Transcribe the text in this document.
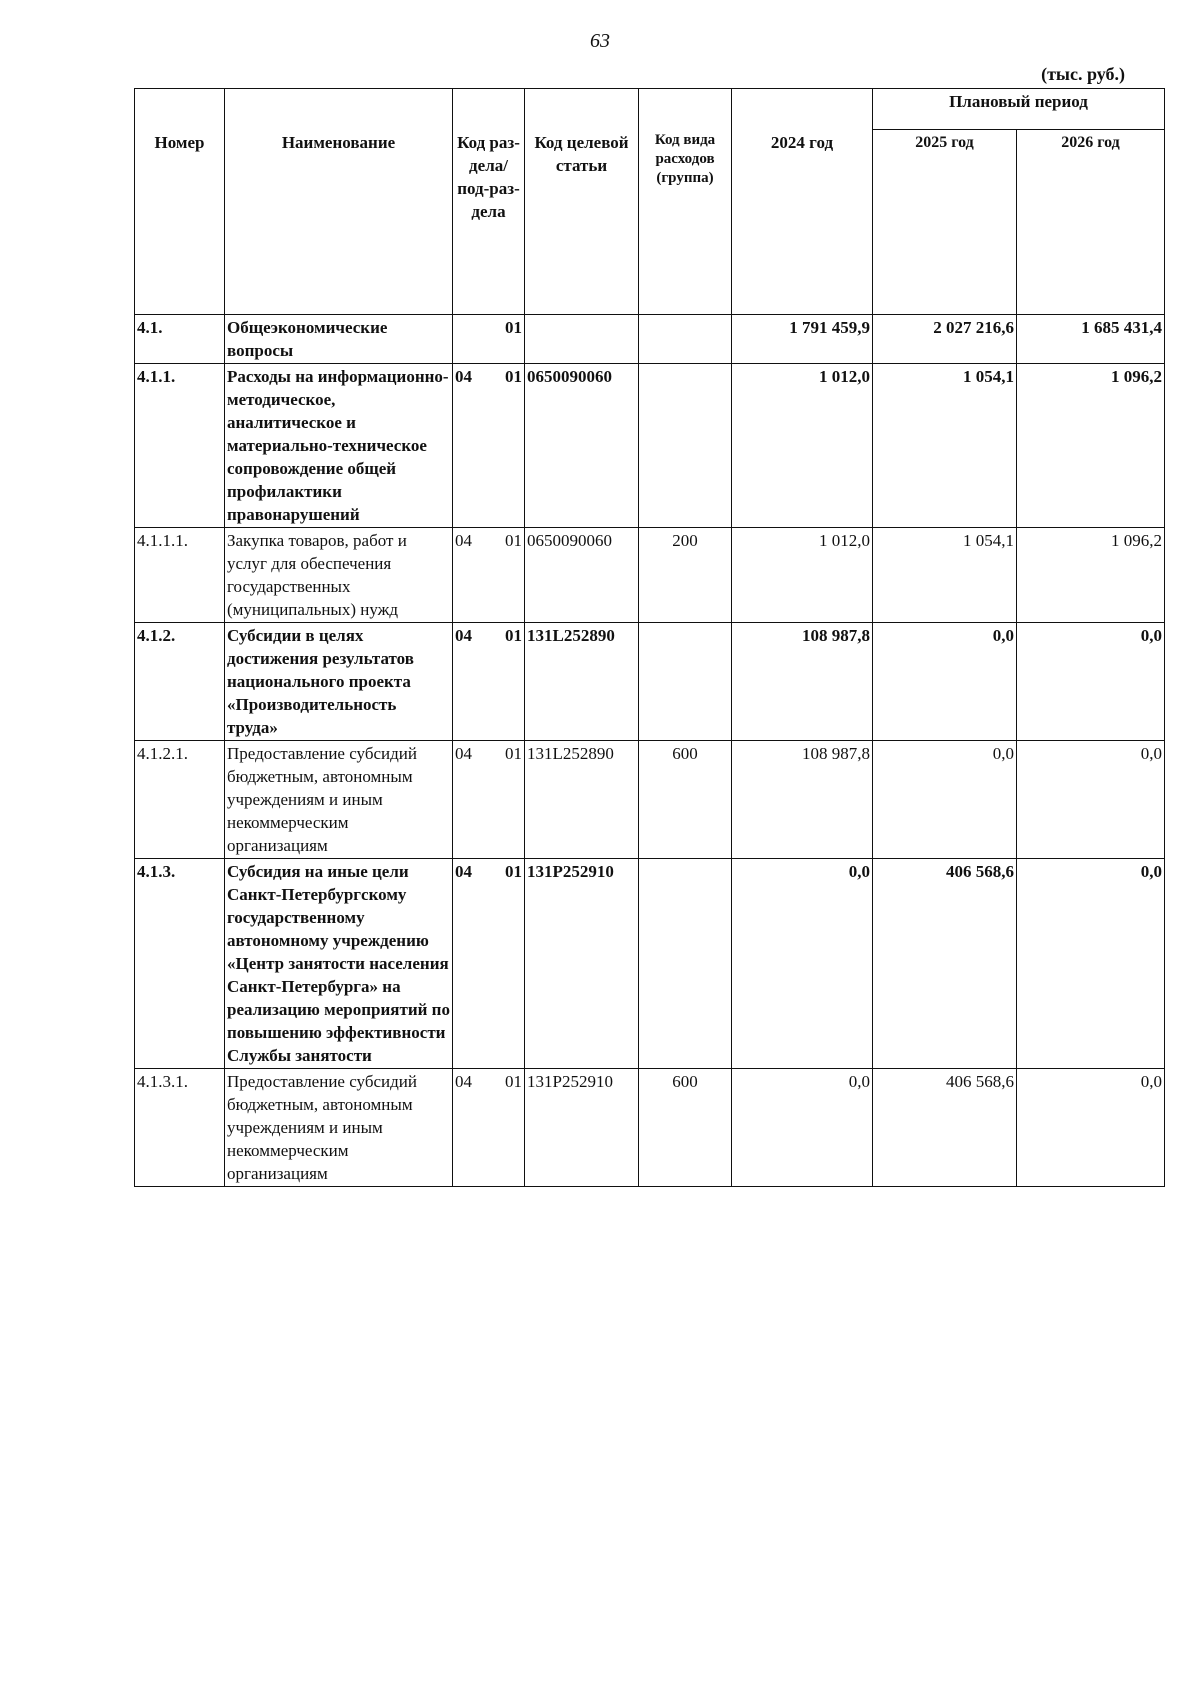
63
(тыс. руб.)
Номер	Наименование	Код раз-дела/ под-раз-дела	Код целевой статьи	Код вида расходов (группа)	2024 год	Плановый период	
						2025 год	2026 год
4.1.	Общеэкономические вопросы	01			1 791 459,9	2 027 216,6	1 685 431,4
4.1.1.	Расходы на информационно-методическое, аналитическое и материально-техническое сопровождение общей профилактики правонарушений	04 01	0650090060		1 012,0	1 054,1	1 096,2
4.1.1.1.	Закупка товаров, работ и услуг для обеспечения государственных (муниципальных) нужд	04 01	0650090060	200	1 012,0	1 054,1	1 096,2
4.1.2.	Субсидии в целях достижения результатов национального проекта «Производительность труда»	04 01	131L252890		108 987,8	0,0	0,0
4.1.2.1.	Предоставление субсидий бюджетным, автономным учреждениям и иным некоммерческим организациям	04 01	131L252890	600	108 987,8	0,0	0,0
4.1.3.	Субсидия на иные цели Санкт-Петербургскому государственному автономному учреждению «Центр занятости населения Санкт-Петербурга» на реализацию мероприятий по повышению эффективности Службы занятости	04 01	131P252910		0,0	406 568,6	0,0
4.1.3.1.	Предоставление субсидий бюджетным, автономным учреждениям и иным некоммерческим организациям	04 01	131P252910	600	0,0	406 568,6	0,0
